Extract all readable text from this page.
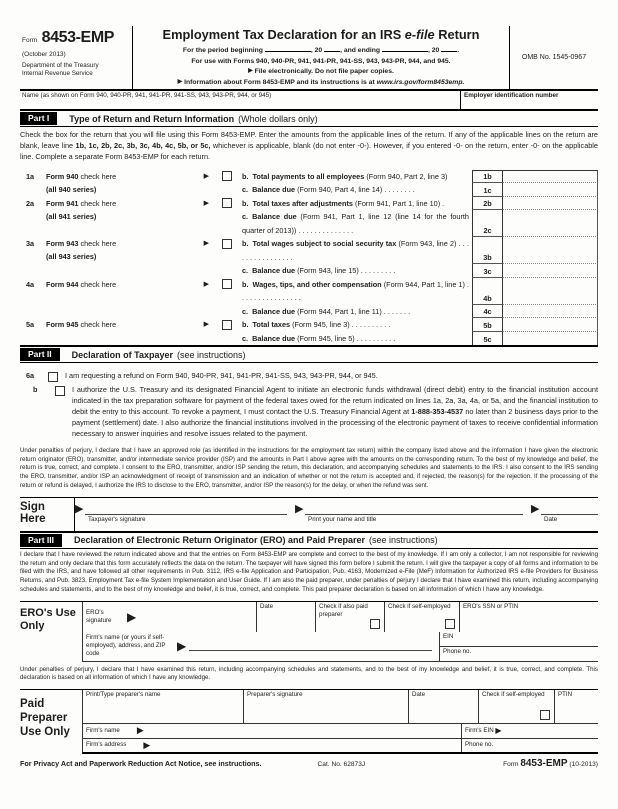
Form 8453-EMP
(October 2013)
Department of the Treasury
Internal Revenue Service
Employment Tax Declaration for an IRS e-file Return
For the period beginning	, 20	, and ending	, 20	.
For use with Forms 940, 940-PR, 941, 941-PR, 941-SS, 943, 943-PR, 944, and 945.
▶ File electronically. Do not file paper copies.
▶ Information about Form 8453-EMP and its instructions is at www.irs.gov/form8453emp.
OMB No. 1545-0967
Name (as shown on Form 940, 940-PR, 941, 941-PR, 941-SS, 943, 943-PR, 944, or 945)	Employer identification number
Part I	Type of Return and Return Information (Whole dollars only)

Check the box for the return that you will file using this Form 8453-EMP. Enter the amounts from the applicable lines of the return. If any of the applicable lines on the return are blank, leave line 1b, 1c, 2b, 2c, 3b, 3c, 4b, 4c, 5b, or 5c, whichever is applicable, blank (do not enter -0-). However, if you entered -0- on the return, enter -0- on the applicable line. Complete a separate Form 8453-EMP for each return.

1a	Form 940 check here	▶
(all 940 series)
b. Total payments to all employees (Form 940, Part 2, line 3)	1b
c. Balance due (Form 940, Part 4, line 14) . . . . . . . .	1c
2a	Form 941 check here	▶
(all 941 series)
b. Total taxes after adjustments (Form 941, Part 1, line 10) .	2b
c. Balance due (Form 941, Part 1, line 12 (line 14 for the fourth quarter of 2013)) . . . . . . . . . . . . . .	2c
3a	Form 943 check here	▶
(all 943 series)
b. Total wages subject to social security tax (Form 943, line 2) . . . . . . . . . . . . . . . .	3b
c. Balance due (Form 943, line 15) . . . . . . . . .	3c
4a	Form 944 check here	▶	b. Wages, tips, and other compensation (Form 944, Part 1, line 1) . . . . . . . . . . . . . . . .	4b
c. Balance due (Form 944, Part 1, line 11) . . . . . . .	4c
5a	Form 945 check here	▶	b. Total taxes (Form 945, line 3) . . . . . . . . . .	5b
c. Balance due (Form 945, line 5) . . . . . . . . . .	5c
Part II	Declaration of Taxpayer (see instructions)
6a	I am requesting a refund on Form 940, 940-PR, 941, 941-PR, 941-SS, 943, 943-PR, 944, or 945.
b	I authorize the U.S. Treasury and its designated Financial Agent to initiate an electronic funds withdrawal (direct debit) entry to the financial institution account indicated in the tax preparation software for payment of the federal taxes owed for the return indicated on lines 1a, 2a, 3a, 4a, or 5a, and the financial institution to debit the entry to this account. To revoke a payment, I must contact the U.S. Treasury Financial Agent at 1-888-353-4537 no later than 2 business days prior to the payment (settlement) date. I also authorize the financial institutions involved in the processing of the electronic payment of taxes to receive confidential information necessary to answer inquiries and resolve issues related to the payment.

Under penalties of perjury, I declare that I have an approved role (as identified in the instructions for the employment tax return) within the company listed above and the information I have given the electronic return originator (ERO), transmitter, and/or intermediate service provider (ISP) and the amounts in Part I above agree with the amounts on the corresponding return. To the best of my knowledge and belief, the return is true, correct, and complete. I consent to the ERO, transmitter, and/or ISP sending the return, this declaration, and accompanying schedules and statements to the IRS. I also consent to the IRS sending the ERO, transmitter, and/or ISP an acknowledgment of receipt of transmission and an indication of whether or not the return is accepted and, if rejected, the reason(s) for the rejection. If the processing of the return or refund is delayed, I authorize the IRS to disclose to the ERO, transmitter, and/or ISP the reason(s) for the delay, or when the refund was sent.

Sign
Here
▶
Taxpayer's signature
▶
Print your name and title
▶
Date
Part III	Declaration of Electronic Return Originator (ERO) and Paid Preparer (see instructions)

I declare that I have reviewed the return indicated above and that the entries on Form 8453-EMP are complete and correct to the best of my knowledge. If I am only a collector, I am not responsible for reviewing the return and only declare that this form accurately reflects the data on the return. The taxpayer will have signed this form before I submit the return. I will give the taxpayer a copy of all forms and information to be filed with the IRS, and have followed all other requirements in Pub. 3112, IRS e-file Application and Participation, Pub. 4163, Modernized e-File (MeF) Information for Authorized IRS e-file Providers for Business Returns, and Pub. 3823, Employment Tax e-file System Implementation and User Guide. If I am also the paid preparer, under penalties of perjury I declare that I have examined this return, including accompanying schedules and statements, and to the best of my knowledge and belief, it is true, correct, and complete. This paid preparer declaration is based on all information of which I have any knowledge.

ERO's Use Only
ERO's signature	▶
Date	Check if also paid preparer
Check if self-employed	ERO's SSN or PTIN
Firm's name (or yours if self-employed), address, and ZIP code
▶
EIN
Phone no.

Under penalties of perjury, I declare that I have examined this return, including accompanying schedules and statements, and to the best of my knowledge and belief, it is true, correct, and complete. This declaration is based on all information of which I have any knowledge.

Paid
Preparer
Use Only
Print/Type preparer's name	Preparer's signature	Date	Check if self-employed	PTIN
Firm's name ▶	Firm's EIN
▶
Firm's address ▶	Phone no.
For Privacy Act and Paperwork Reduction Act Notice, see instructions.	Cat. No. 62873J	Form 8453-EMP (10-2013)
